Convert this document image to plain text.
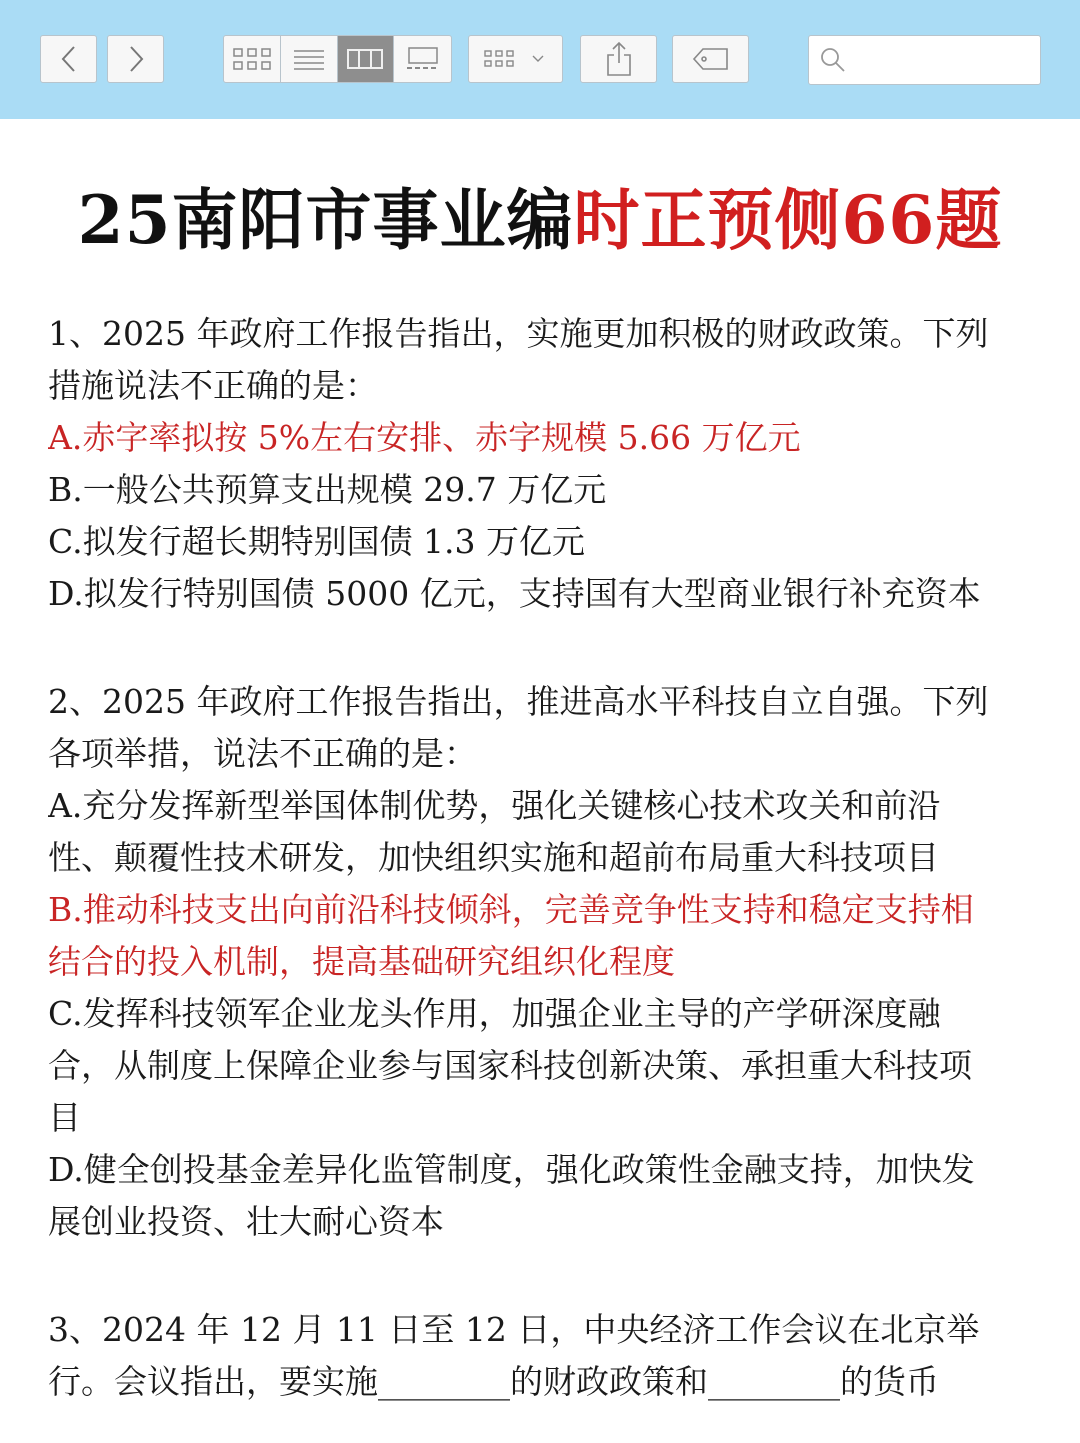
25南阳市事业编时正预侧66题
1、2025 年政府工作报告指出，实施更加积极的财政政策。下列
措施说法不正确的是：
A.赤字率拟按 5%左右安排、赤字规模 5.66 万亿元
B.一般公共预算支出规模 29.7 万亿元
C.拟发行超长期特别国债 1.3 万亿元
D.拟发行特别国债 5000 亿元，支持国有大型商业银行补充资本
2、2025 年政府工作报告指出，推进高水平科技自立自强。下列
各项举措，说法不正确的是：
A.充分发挥新型举国体制优势，强化关键核心技术攻关和前沿
性、颠覆性技术研发，加快组织实施和超前布局重大科技项目
B.推动科技支出向前沿科技倾斜，完善竞争性支持和稳定支持相
结合的投入机制，提高基础研究组织化程度
C.发挥科技领军企业龙头作用，加强企业主导的产学研深度融
合，从制度上保障企业参与国家科技创新决策、承担重大科技项
目
D.健全创投基金差异化监管制度，强化政策性金融支持，加快发
展创业投资、壮大耐心资本
3、2024 年 12 月 11 日至 12 日，中央经济工作会议在北京举
行。会议指出，要实施________的财政政策和________的货币
